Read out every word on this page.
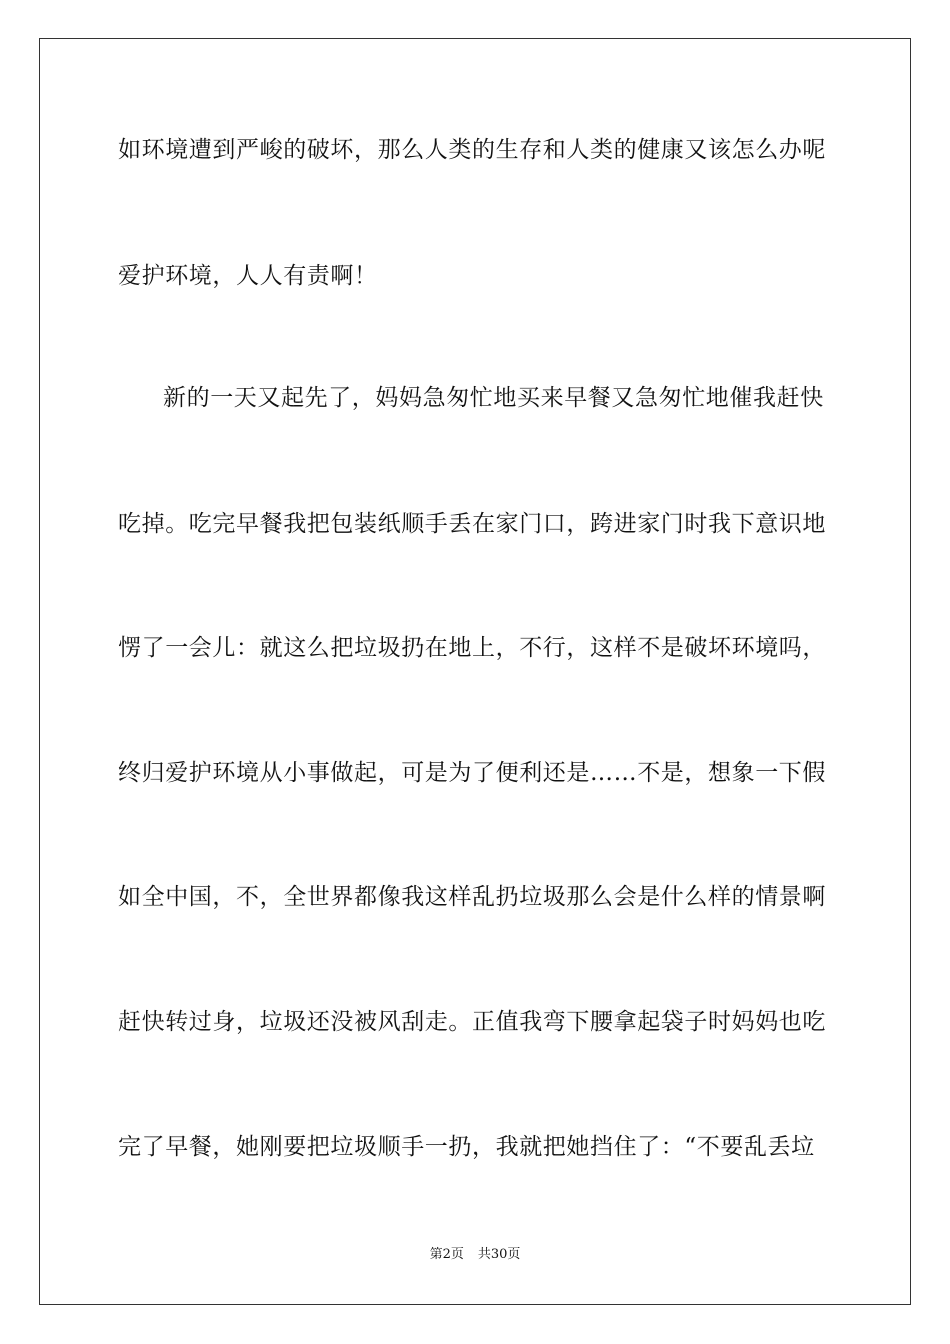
如环境遭到严峻的破坏，那么人类的生存和人类的健康又该怎么办呢
爱护环境，人人有责啊！
新的一天又起先了，妈妈急匆忙地买来早餐又急匆忙地催我赶快
吃掉。吃完早餐我把包装纸顺手丢在家门口，跨进家门时我下意识地
愣了一会儿：就这么把垃圾扔在地上，不行，这样不是破坏环境吗，
终归爱护环境从小事做起，可是为了便利还是……不是，想象一下假
如全中国，不，全世界都像我这样乱扔垃圾那么会是什么样的情景啊
赶快转过身，垃圾还没被风刮走。正值我弯下腰拿起袋子时妈妈也吃
完了早餐，她刚要把垃圾顺手一扔，我就把她挡住了：“不要乱丢垃
第2页 共30页
